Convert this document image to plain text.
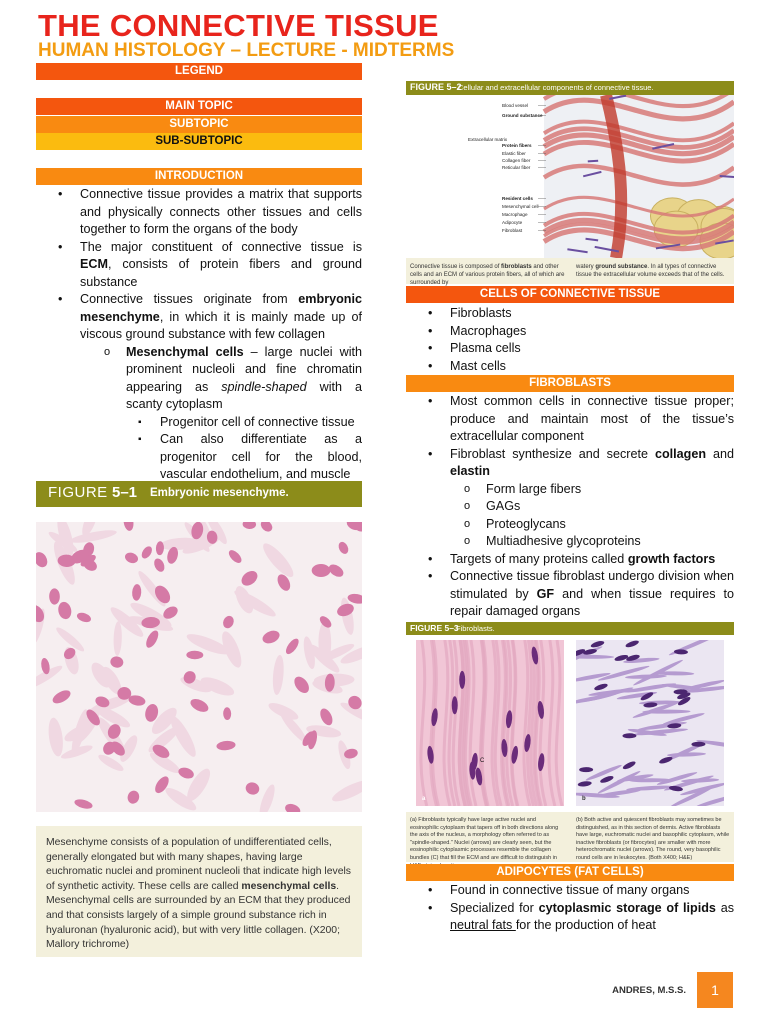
THE CONNECTIVE TISSUE
HUMAN HISTOLOGY – LECTURE - MIDTERMS
LEGEND
MAIN TOPIC
SUBTOPIC
SUB-SUBTOPIC
INTRODUCTION
• Connective tissue provides a matrix that supports and physically connects other tissues and cells together to form the organs of the body
• The major constituent of connective tissue is ECM, consists of protein fibers and ground substance
• Connective tissues originate from embryonic mesenchyme, in which it is mainly made up of viscous ground substance with few collagen
o Mesenchymal cells – large nuclei with prominent nucleoli and fine chromatin appearing as spindle-shaped with a scanty cytoplasm
▪ Progenitor cell of connective tissue
▪ Can also differentiate as a progenitor cell for the blood, vascular endothelium, and muscle
FIGURE 5–1 Embryonic mesenchyme.
Mesenchyme consists of a population of undifferentiated cells, generally elongated but with many shapes, having large euchromatic nuclei and prominent nucleoli that indicate high levels of synthetic activity. These cells are called mesenchymal cells. Mesenchymal cells are surrounded by an ECM that they produced and that consists largely of a simple ground substance rich in hyaluronan (hyaluronic acid), but with very little collagen. (X200; Mallory trichrome)
FIGURE 5–2
Cellular and extracellular components of connective tissue.
Blood vessel
Ground substance
Extracellular matrix
Protein fibers
Elastic fiber
Collagen fiber
Reticular fiber
Resident cells
Mesenchymal cell
Macrophage
Adipocyte
Fibroblast
Connective tissue is composed of fibroblasts and other cells and an ECM of various protein fibers, all of which are surrounded by
watery ground substance. In all types of connective tissue the extracellular volume exceeds that of the cells.
CELLS OF CONNECTIVE TISSUE
• Fibroblasts
• Macrophages
• Plasma cells
• Mast cells
FIBROBLASTS
• Most common cells in connective tissue proper; produce and maintain most of the tissue’s extracellular component
• Fibroblast synthesize and secrete collagen and elastin
o Form large fibers
o GAGs
o Proteoglycans
o Multiadhesive glycoproteins
• Targets of many proteins called growth factors
• Connective tissue fibroblast undergo division when stimulated by GF and when tissue requires to repair damaged organs
FIGURE 5–3
Fibroblasts.
a
C
b
(a) Fibroblasts typically have large active nuclei and eosinophilic cytoplasm that tapers off in both directions along the axis of the nucleus, a morphology often referred to as "spindle-shaped." Nuclei (arrows) are clearly seen, but the eosinophilic cytoplasmic processes resemble the collagen bundles (C) that fill the ECM and are difficult to distinguish in
(b) Both active and quiescent fibroblasts may sometimes be distinguished, as in this section of dermis. Active fibroblasts have large, euchromatic nuclei and basophilic cytoplasm, while inactive fibroblasts (or fibrocytes) are smaller with more heterochromatic nuclei (arrows). The round, very basophilic round cells are in leukocytes. (Both X400; H&E)
ADIPOCYTES (FAT CELLS)
• Found in connective tissue of many organs
• Specialized for cytoplasmic storage of lipids as neutral fats for the production of heat
ANDRES, M.S.S.	1
